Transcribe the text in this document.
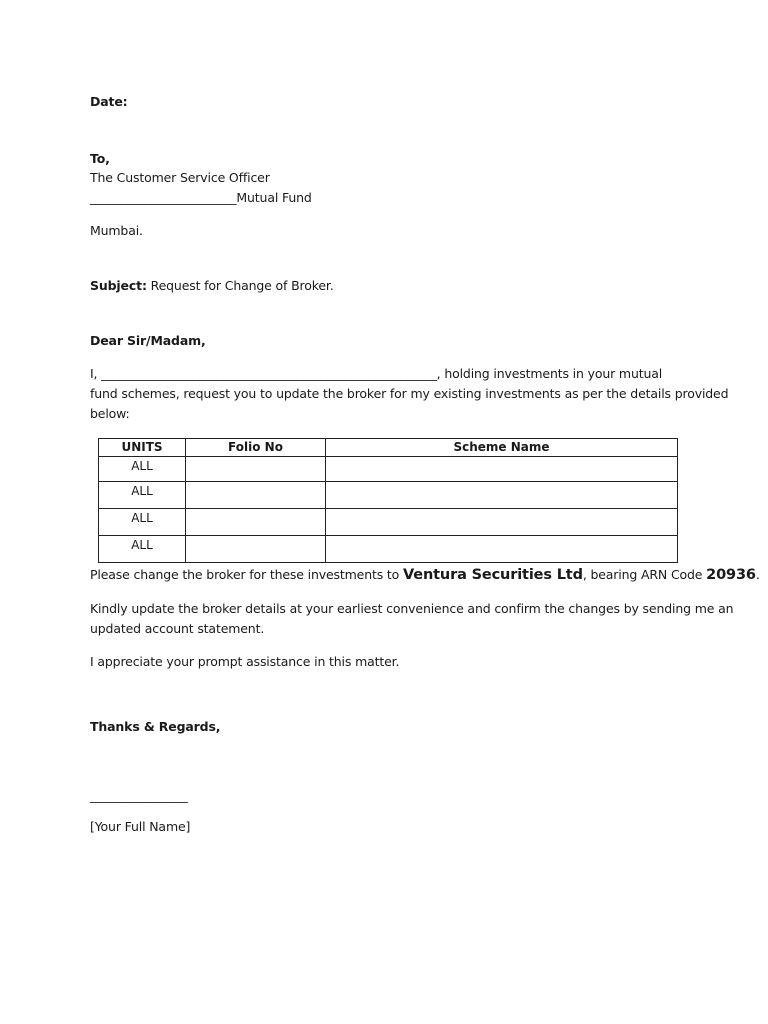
Date:
To,
The Customer Service Officer
________________________Mutual Fund
Mumbai.
Subject: Request for Change of Broker.
Dear Sir/Madam,
I, _______________________________________________________, holding investments in your mutual
fund schemes, request you to update the broker for my existing investments as per the details provided
below:
UNITS	Folio No	Scheme Name
ALL		
ALL		
ALL		
ALL		
Please change the broker for these investments to Ventura Securities Ltd, bearing ARN Code 20936.
Kindly update the broker details at your earliest convenience and confirm the changes by sending me an
updated account statement.
I appreciate your prompt assistance in this matter.
Thanks & Regards,
________________
[Your Full Name]
